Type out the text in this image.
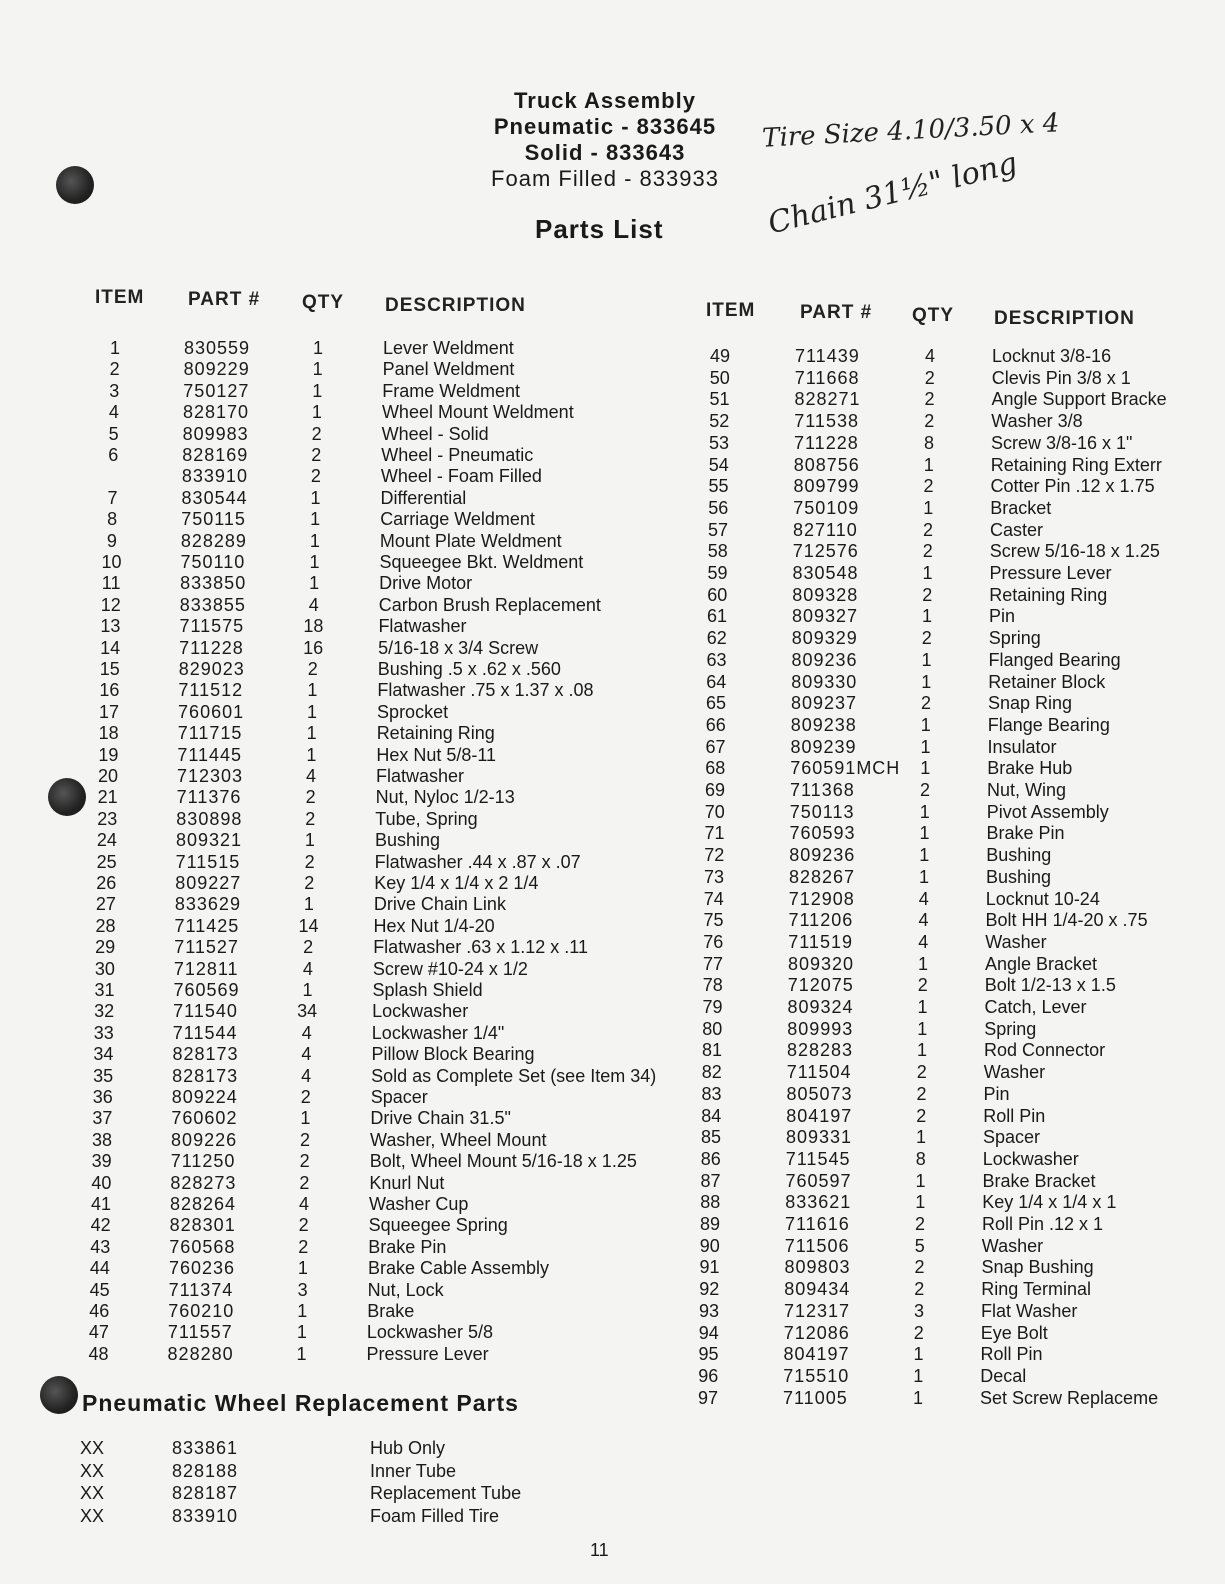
Truck Assembly
Pneumatic - 833645
Solid - 833643
Foam Filled - 833933
Parts List
Tire Size 4.10/3.50 x 4
Chain 31½" long
ITEM PART # QTY DESCRIPTION	ITEM PART # QTY DESCRIPTION
1	830559	1	Lever Weldment
2	809229	1	Panel Weldment
3	750127	1	Frame Weldment
4	828170	1	Wheel Mount Weldment
5	809983	2	Wheel - Solid
6	828169	2	Wheel - Pneumatic
833910	2	Wheel - Foam Filled
7	830544	1	Differential
8	750115	1	Carriage Weldment
9	828289	1	Mount Plate Weldment
10	750110	1	Squeegee Bkt. Weldment
11	833850	1	Drive Motor
12	833855	4	Carbon Brush Replacement
13	711575	18	Flatwasher
14	711228	16	5/16-18 x 3/4 Screw
15	829023	2	Bushing .5 x .62 x .560
16	711512	1	Flatwasher .75 x 1.37 x .08
17	760601	1	Sprocket
18	711715	1	Retaining Ring
19	711445	1	Hex Nut 5/8-11
20	712303	4	Flatwasher
21	711376	2	Nut, Nyloc 1/2-13
23	830898	2	Tube, Spring
24	809321	1	Bushing
25	711515	2	Flatwasher .44 x .87 x .07
26	809227	2	Key 1/4 x 1/4 x 2 1/4
27	833629	1	Drive Chain Link
28	711425	14	Hex Nut 1/4-20
29	711527	2	Flatwasher .63 x 1.12 x .11
30	712811	4	Screw #10-24 x 1/2
31	760569	1	Splash Shield
32	711540	34	Lockwasher
33	711544	4	Lockwasher 1/4"
34	828173	4	Pillow Block Bearing
35	828173	4	Sold as Complete Set (see Item 34)
36	809224	2	Spacer
37	760602	1	Drive Chain 31.5"
38	809226	2	Washer, Wheel Mount
39	711250	2	Bolt, Wheel Mount 5/16-18 x 1.25
40	828273	2	Knurl Nut
41	828264	4	Washer Cup
42	828301	2	Squeegee Spring
43	760568	2	Brake Pin
44	760236	1	Brake Cable Assembly
45	711374	3	Nut, Lock
46	760210	1	Brake
47	711557	1	Lockwasher 5/8
48	828280	1	Pressure Lever
49	711439	4	Locknut 3/8-16
50	711668	2	Clevis Pin 3/8 x 1
51	828271	2	Angle Support Bracke
52	711538	2	Washer 3/8
53	711228	8	Screw 3/8-16 x 1"
54	808756	1	Retaining Ring Exterr
55	809799	2	Cotter Pin .12 x 1.75
56	750109	1	Bracket
57	827110	2	Caster
58	712576	2	Screw 5/16-18 x 1.25
59	830548	1	Pressure Lever
60	809328	2	Retaining Ring
61	809327	1	Pin
62	809329	2	Spring
63	809236	1	Flanged Bearing
64	809330	1	Retainer Block
65	809237	2	Snap Ring
66	809238	1	Flange Bearing
67	809239	1	Insulator
68	760591MCH	1	Brake Hub
69	711368	2	Nut, Wing
70	750113	1	Pivot Assembly
71	760593	1	Brake Pin
72	809236	1	Bushing
73	828267	1	Bushing
74	712908	4	Locknut 10-24
75	711206	4	Bolt HH 1/4-20 x .75
76	711519	4	Washer
77	809320	1	Angle Bracket
78	712075	2	Bolt 1/2-13 x 1.5
79	809324	1	Catch, Lever
80	809993	1	Spring
81	828283	1	Rod Connector
82	711504	2	Washer
83	805073	2	Pin
84	804197	2	Roll Pin
85	809331	1	Spacer
86	711545	8	Lockwasher
87	760597	1	Brake Bracket
88	833621	1	Key 1/4 x 1/4 x 1
89	711616	2	Roll Pin .12 x 1
90	711506	5	Washer
91	809803	2	Snap Bushing
92	809434	2	Ring Terminal
93	712317	3	Flat Washer
94	712086	2	Eye Bolt
95	804197	1	Roll Pin
96	715510	1	Decal
97	711005	1	Set Screw Replaceme
Pneumatic Wheel Replacement Parts
XX	833861	Hub Only
XX	828188	Inner Tube
XX	828187	Replacement Tube
XX	833910	Foam Filled Tire
11
